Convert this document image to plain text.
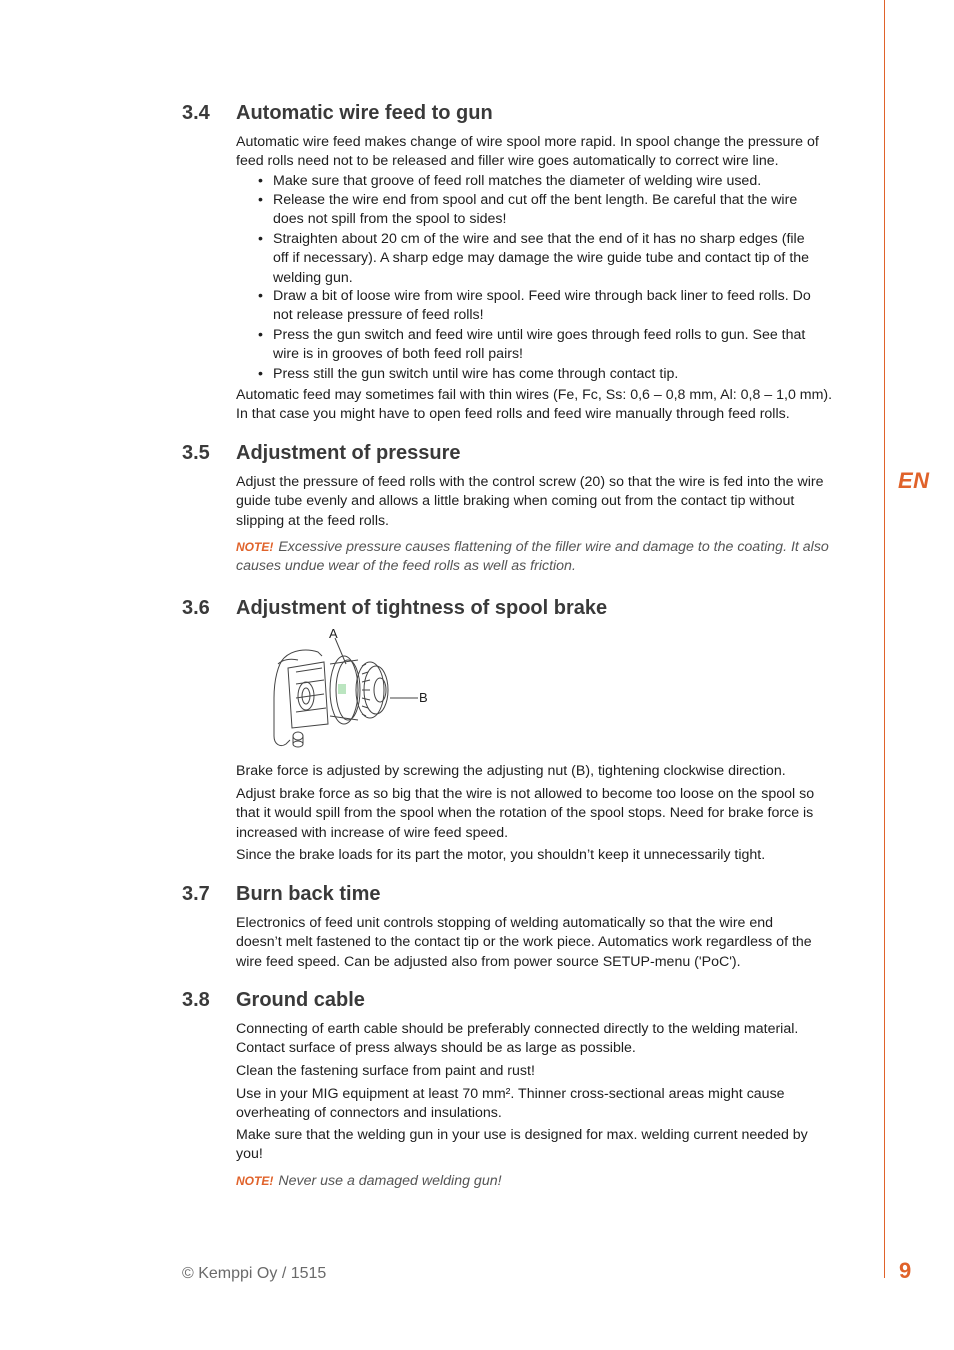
EN
3.4 Automatic wire feed to gun
Automatic wire feed makes change of wire spool more rapid. In spool change the pressure of
feed rolls need not to be released and filler wire goes automatically to correct wire line.
• Make sure that groove of feed roll matches the diameter of welding wire used.
• Release the wire end from spool and cut off the bent length. Be careful that the wire
does not spill from the spool to sides!
• Straighten about 20 cm of the wire and see that the end of it has no sharp edges (file
off if necessary). A sharp edge may damage the wire guide tube and contact tip of the
welding gun.
• Draw a bit of loose wire from wire spool. Feed wire through back liner to feed rolls. Do
not release pressure of feed rolls!
• Press the gun switch and feed wire until wire goes through feed rolls to gun. See that
wire is in grooves of both feed roll pairs!
• Press still the gun switch until wire has come through contact tip.
Automatic feed may sometimes fail with thin wires (Fe, Fc, Ss: 0,6 – 0,8 mm, Al: 0,8 – 1,0 mm).
In that case you might have to open feed rolls and feed wire manually through feed rolls.
3.5 Adjustment of pressure
Adjust the pressure of feed rolls with the control screw (20) so that the wire is fed into the wire
guide tube evenly and allows a little braking when coming out from the contact tip without
slipping at the feed rolls.
NOTE! Excessive pressure causes flattening of the filler wire and damage to the coating. It also
causes undue wear of the feed rolls as well as friction.
3.6 Adjustment of tightness of spool brake
A
B
Brake force is adjusted by screwing the adjusting nut (B), tightening clockwise direction.
Adjust brake force as so big that the wire is not allowed to become too loose on the spool so
that it would spill from the spool when the rotation of the spool stops. Need for brake force is
increased with increase of wire feed speed.
Since the brake loads for its part the motor, you shouldn’t keep it unnecessarily tight.
3.7 Burn back time
Electronics of feed unit controls stopping of welding automatically so that the wire end
doesn’t melt fastened to the contact tip or the work piece. Automatics work regardless of the
wire feed speed. Can be adjusted also from power source SETUP-menu ('PoC').
3.8 Ground cable
Connecting of earth cable should be preferably connected directly to the welding material.
Contact surface of press always should be as large as possible.
Clean the fastening surface from paint and rust!
Use in your MIG equipment at least 70 mm². Thinner cross-sectional areas might cause
overheating of connectors and insulations.
Make sure that the welding gun in your use is designed for max. welding current needed by
you!
NOTE! Never use a damaged welding gun!
© Kemppi Oy / 1515	9
